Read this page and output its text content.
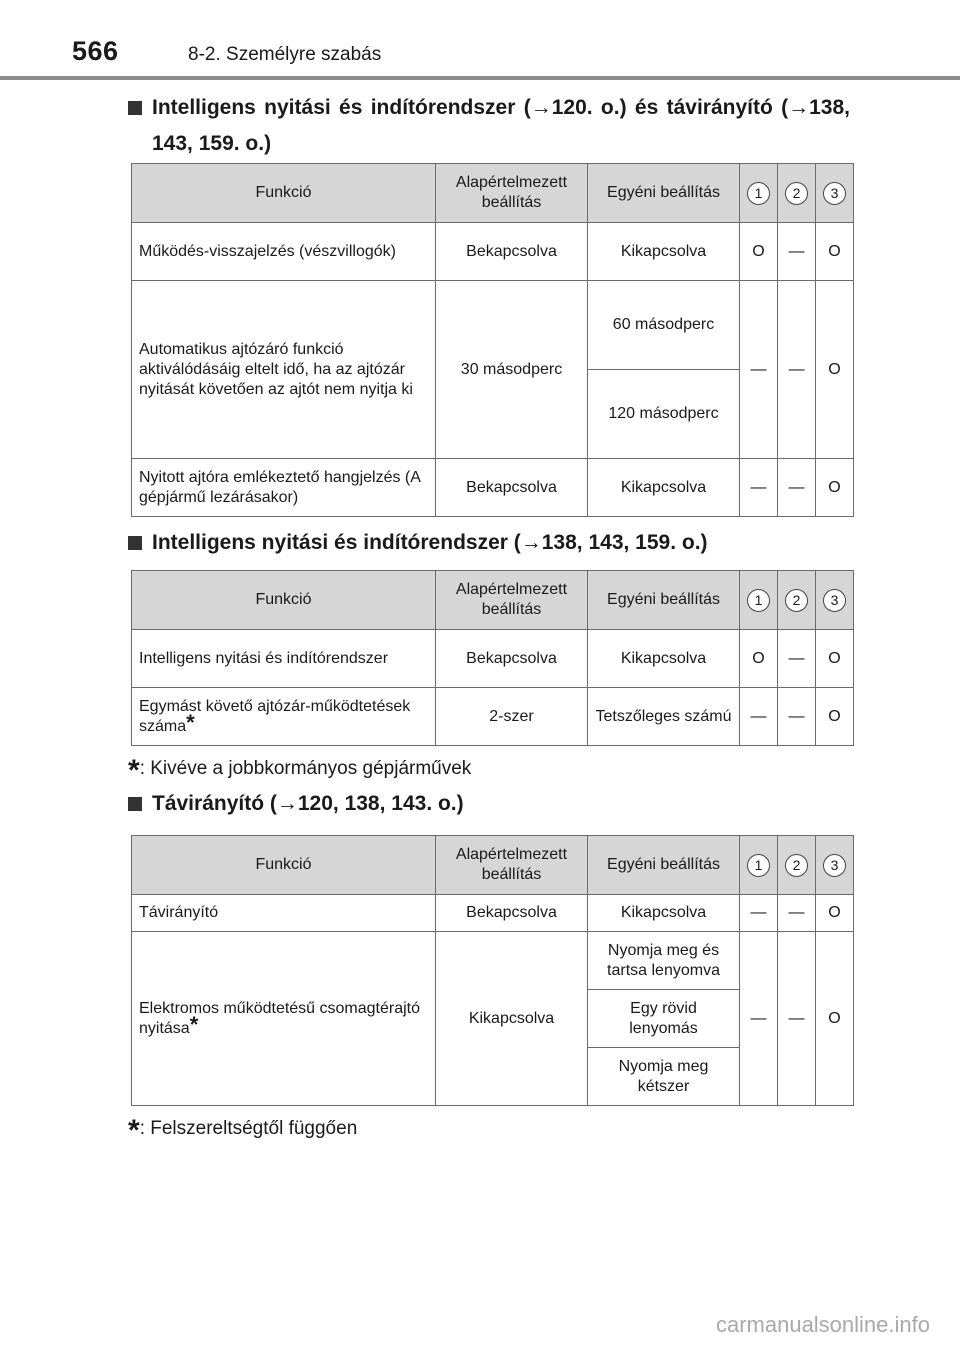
566	8-2. Személyre szabás
Intelligens nyitási és indítórendszer (→120. o.) és távirányító (→138, 143, 159. o.)
Funkció	Alapértelmezett beállítás	Egyéni beállítás	1	2	3
Működés-visszajelzés (vészvillogók)	Bekapcsolva	Kikapcsolva	O	—	O
Automatikus ajtózáró funkció aktiválódásáig eltelt idő, ha az ajtózár nyitását követően az ajtót nem nyitja ki	30 másodperc	60 másodperc	—	—	O
		120 másodperc			
Nyitott ajtóra emlékeztető hangjelzés (A gépjármű lezárásakor)	Bekapcsolva	Kikapcsolva	—	—	O
Intelligens nyitási és indítórendszer (→138, 143, 159. o.)
Funkció	Alapértelmezett beállítás	Egyéni beállítás	1	2	3
Intelligens nyitási és indítórendszer	Bekapcsolva	Kikapcsolva	O	—	O
Egymást követő ajtózár-működtetések száma*	2-szer	Tetszőleges számú	—	—	O
*: Kivéve a jobbkormányos gépjárművek
Távirányító (→120, 138, 143. o.)
Funkció	Alapértelmezett beállítás	Egyéni beállítás	1	2	3
Távirányító	Bekapcsolva	Kikapcsolva	—	—	O
Elektromos működtetésű csomagtérajtó nyitása*	Kikapcsolva	Nyomja meg és tartsa lenyomva	—	—	O
		Egy rövid lenyomás			
		Nyomja meg kétszer			
*: Felszereltségtől függően
carmanualsonline.info
